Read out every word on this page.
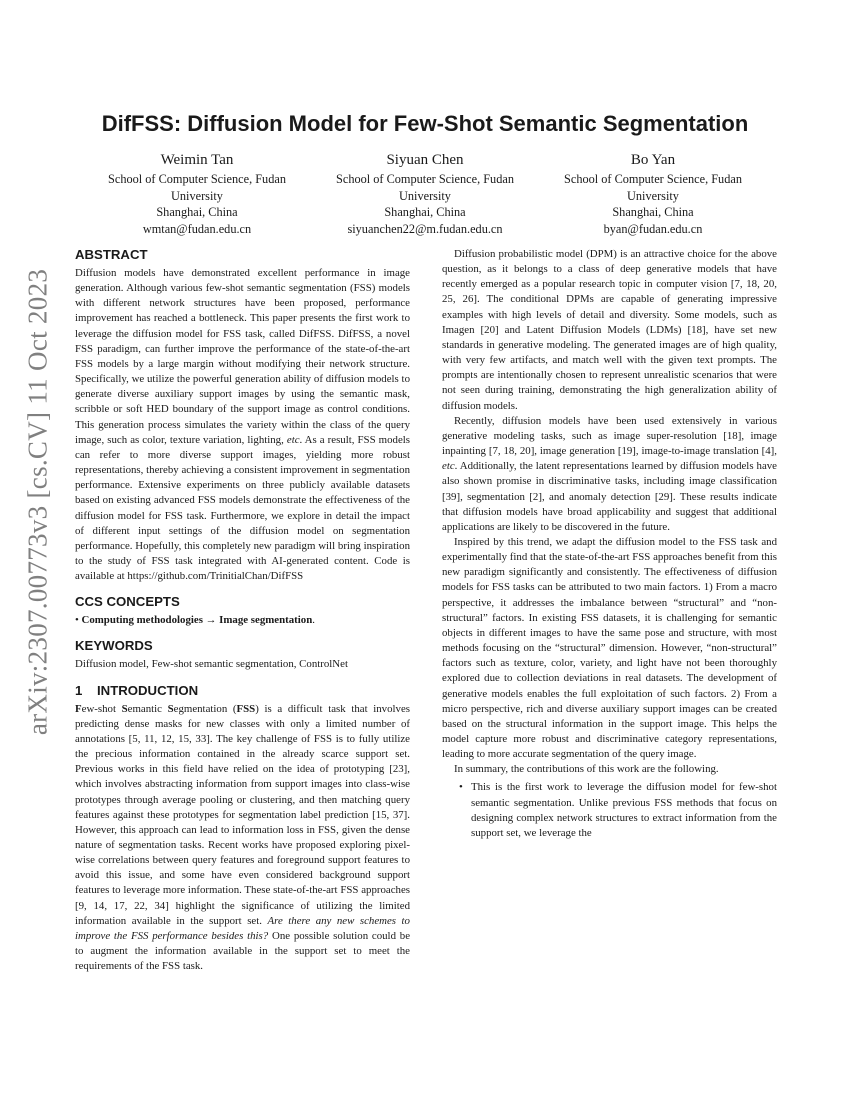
arXiv:2307.00773v3 [cs.CV] 11 Oct 2023
DifFSS: Diffusion Model for Few-Shot Semantic Segmentation
Weimin Tan
School of Computer Science, Fudan University
Shanghai, China
wmtan@fudan.edu.cn
Siyuan Chen
School of Computer Science, Fudan University
Shanghai, China
siyuanchen22@m.fudan.edu.cn
Bo Yan
School of Computer Science, Fudan University
Shanghai, China
byan@fudan.edu.cn
ABSTRACT

Diffusion models have demonstrated excellent performance in image generation. Although various few-shot semantic segmentation (FSS) models with different network structures have been proposed, performance improvement has reached a bottleneck. This paper presents the first work to leverage the diffusion model for FSS task, called DifFSS. DifFSS, a novel FSS paradigm, can further improve the performance of the state-of-the-art FSS models by a large margin without modifying their network structure. Specifically, we utilize the powerful generation ability of diffusion models to generate diverse auxiliary support images by using the semantic mask, scribble or soft HED boundary of the support image as control conditions. This generation process simulates the variety within the class of the query image, such as color, texture variation, lighting, etc. As a result, FSS models can refer to more diverse support images, yielding more robust representations, thereby achieving a consistent improvement in segmentation performance. Extensive experiments on three publicly available datasets based on existing advanced FSS models demonstrate the effectiveness of the diffusion model for FSS task. Furthermore, we explore in detail the impact of different input settings of the diffusion model on segmentation performance. Hopefully, this completely new paradigm will bring inspiration to the study of FSS task integrated with AI-generated content. Code is available at https://github.com/TrinitialChan/DifFSS

CCS CONCEPTS

• Computing methodologies → Image segmentation.

KEYWORDS

Diffusion model, Few-shot semantic segmentation, ControlNet

1 INTRODUCTION

Few-shot Semantic Segmentation (FSS) is a difficult task that involves predicting dense masks for new classes with only a limited number of annotations [5, 11, 12, 15, 33]. The key challenge of FSS is to fully utilize the precious information contained in the already scarce support set. Previous works in this field have relied on the idea of prototyping [23], which involves abstracting information from support images into class-wise prototypes through average pooling or clustering, and then matching query features against these prototypes for segmentation label prediction [15, 37]. However, this approach can lead to information loss in FSS, given the dense nature of segmentation tasks. Recent works have proposed exploring pixel-wise correlations between query features and foreground support features to avoid this issue, and some have even considered background support features to leverage more information. These state-of-the-art FSS approaches [9, 14, 17, 22, 34] highlight the significance of utilizing the limited information available in the support set. Are there any new schemes to improve the FSS performance besides this? One possible solution could be to augment the information available in the support set to meet the requirements of the FSS task.

Diffusion probabilistic model (DPM) is an attractive choice for the above question, as it belongs to a class of deep generative models that have recently emerged as a popular research topic in computer vision [7, 18, 20, 25, 26]. The conditional DPMs are capable of generating impressive examples with high levels of detail and diversity. Some models, such as Imagen [20] and Latent Diffusion Models (LDMs) [18], have set new standards in generative modeling. The generated images are of high quality, with very few artifacts, and match well with the given text prompts. The prompts are intentionally chosen to represent unrealistic scenarios that were not seen during training, demonstrating the high generalization ability of diffusion models.

Recently, diffusion models have been used extensively in various generative modeling tasks, such as image super-resolution [18], image inpainting [7, 18, 20], image generation [19], image-to-image translation [4], etc. Additionally, the latent representations learned by diffusion models have also shown promise in discriminative tasks, including image classification [39], segmentation [2], and anomaly detection [29]. These results indicate that diffusion models have broad applicability and suggest that additional applications are likely to be discovered in the future.

Inspired by this trend, we adapt the diffusion model to the FSS task and experimentally find that the state-of-the-art FSS approaches benefit from this new paradigm significantly and consistently. The effectiveness of diffusion models for FSS tasks can be attributed to two main factors. 1) From a macro perspective, it addresses the imbalance between “structural” and “non-structural” factors. In existing FSS datasets, it is challenging for semantic objects in different images to have the same pose and structure, with most methods focusing on the “structural” dimension. However, “non-structural” factors such as texture, color, variety, and light have not been thoroughly explored due to collection deviations in real datasets. The development of generative models enables the full exploitation of such factors. 2) From a micro perspective, rich and diverse auxiliary support images can be created based on the structural information in the support image. This helps the model capture more robust and discriminative category representations, leading to more accurate segmentation of the query image.

In summary, the contributions of this work are the following.

• This is the first work to leverage the diffusion model for few-shot semantic segmentation. Unlike previous FSS methods that focus on designing complex network structures to extract information from the support set, we leverage the
